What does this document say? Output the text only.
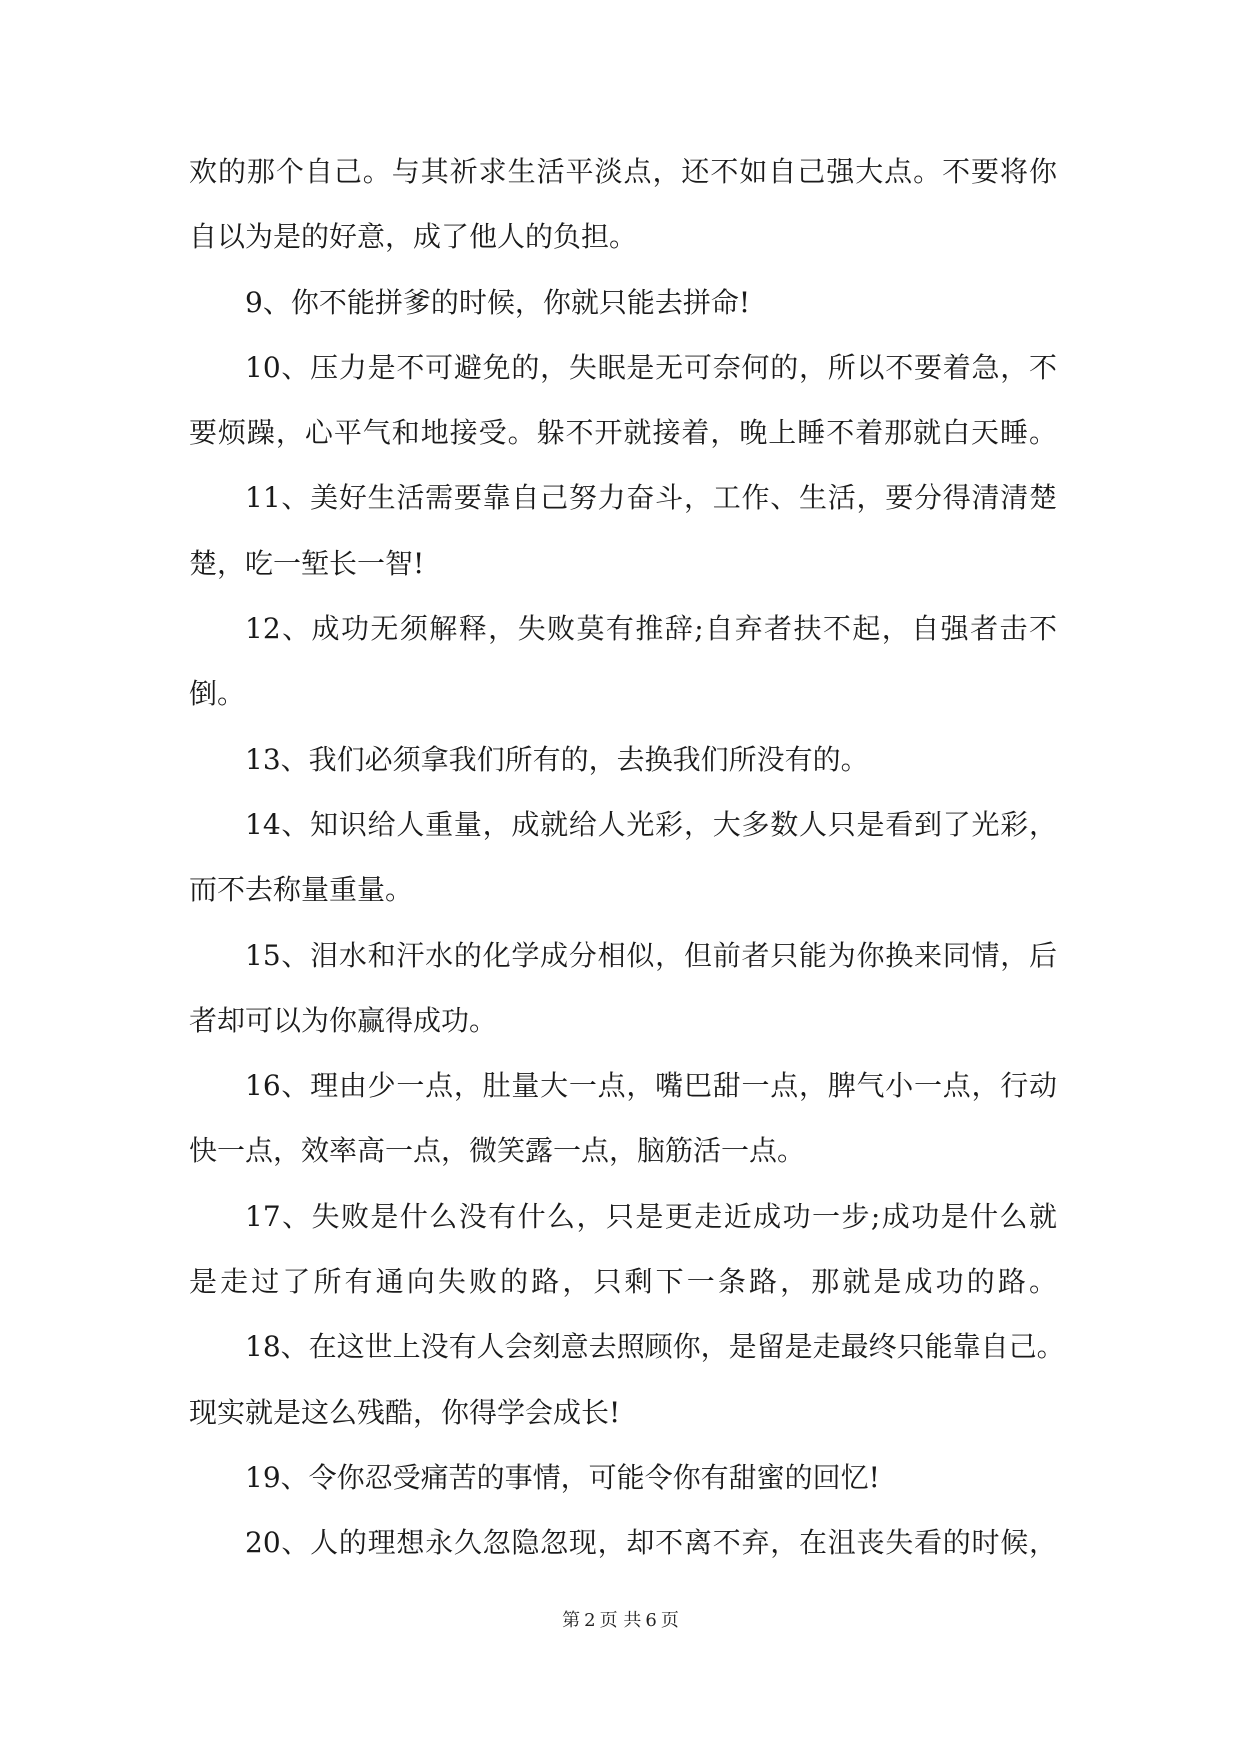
欢的那个自己。与其祈求生活平淡点，还不如自己强大点。不要将你
自以为是的好意，成了他人的负担。
9、你不能拼爹的时候，你就只能去拼命!
10、压力是不可避免的，失眠是无可奈何的，所以不要着急，不
要烦躁，心平气和地接受。躲不开就接着，晚上睡不着那就白天睡。
11、美好生活需要靠自己努力奋斗，工作、生活，要分得清清楚
楚，吃一堑长一智!
12、成功无须解释，失败莫有推辞;自弃者扶不起，自强者击不
倒。
13、我们必须拿我们所有的，去换我们所没有的。
14、知识给人重量，成就给人光彩，大多数人只是看到了光彩，
而不去称量重量。
15、泪水和汗水的化学成分相似，但前者只能为你换来同情，后
者却可以为你赢得成功。
16、理由少一点，肚量大一点，嘴巴甜一点，脾气小一点，行动
快一点，效率高一点，微笑露一点，脑筋活一点。
17、失败是什么没有什么，只是更走近成功一步;成功是什么就
是走过了所有通向失败的路，只剩下一条路，那就是成功的路。
18、在这世上没有人会刻意去照顾你，是留是走最终只能靠自己。
现实就是这么残酷，你得学会成长!
19、令你忍受痛苦的事情，可能令你有甜蜜的回忆!
20、人的理想永久忽隐忽现，却不离不弃，在沮丧失看的时候，
第 2 页 共 6 页
